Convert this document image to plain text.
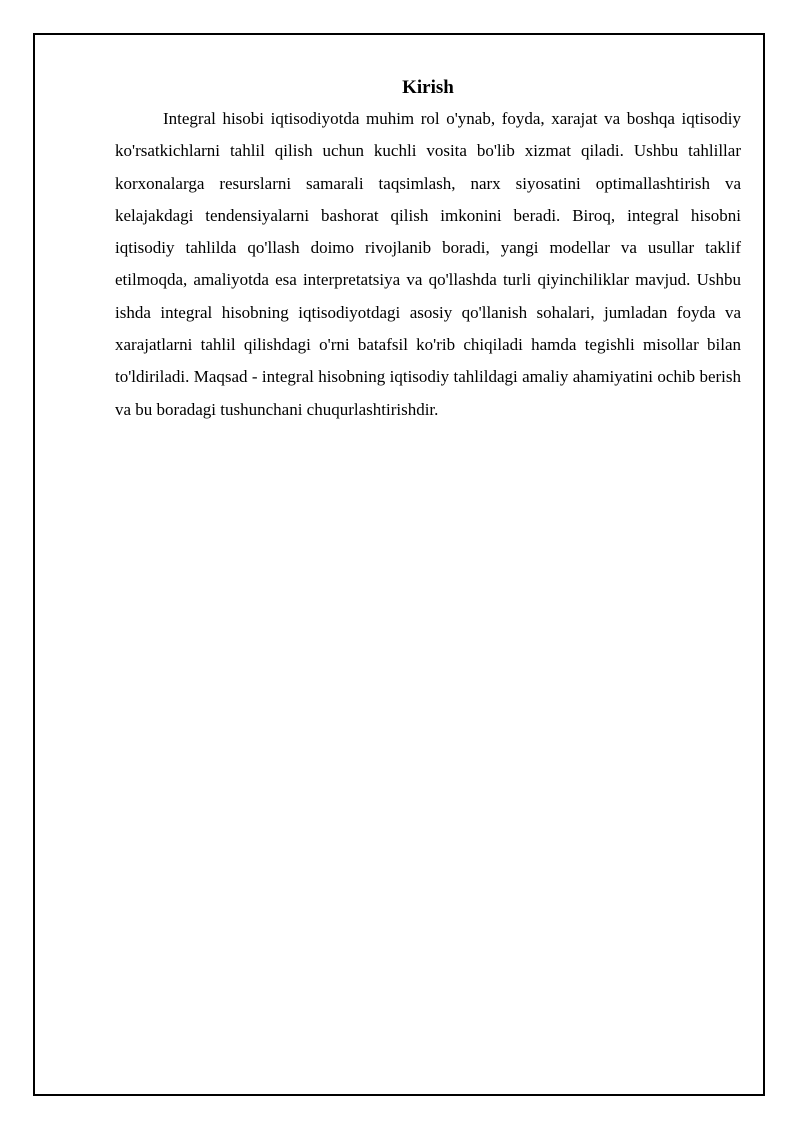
Kirish

Integral hisobi iqtisodiyotda muhim rol o'ynab, foyda, xarajat va boshqa iqtisodiy ko'rsatkichlarni tahlil qilish uchun kuchli vosita bo'lib xizmat qiladi. Ushbu tahlillar korxonalarga resurslarni samarali taqsimlash, narx siyosatini optimallashtirish va kelajakdagi tendensiyalarni bashorat qilish imkonini beradi. Biroq, integral hisobni iqtisodiy tahlilda qo'llash doimo rivojlanib boradi, yangi modellar va usullar taklif etilmoqda, amaliyotda esa interpretatsiya va qo'llashda turli qiyinchiliklar mavjud. Ushbu ishda integral hisobning iqtisodiyotdagi asosiy qo'llanish sohalari, jumladan foyda va xarajatlarni tahlil qilishdagi o'rni batafsil ko'rib chiqiladi hamda tegishli misollar bilan to'ldiriladi. Maqsad - integral hisobning iqtisodiy tahlildagi amaliy ahamiyatini ochib berish va bu boradagi tushunchani chuqurlashtirishdir.
